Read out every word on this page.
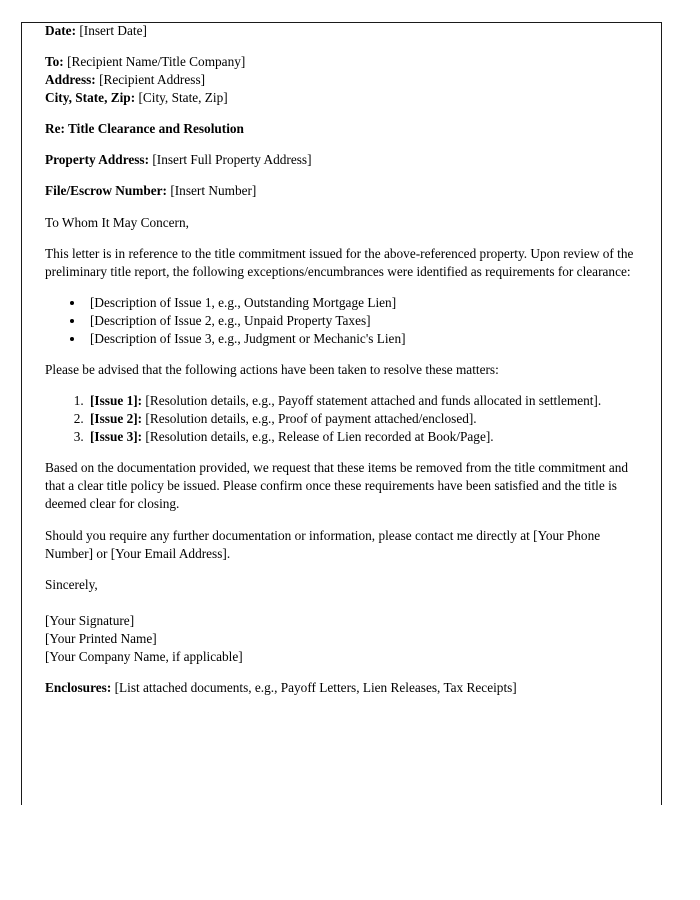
Date: [Insert Date]

To: [Recipient Name/Title Company]

Address: [Recipient Address]

City, State, Zip: [City, State, Zip]

Re: Title Clearance and Resolution

Property Address: [Insert Full Property Address]

File/Escrow Number: [Insert Number]

To Whom It May Concern,

This letter is in reference to the title commitment issued for the above-referenced property. Upon review of the preliminary title report, the following exceptions/encumbrances were identified as requirements for clearance:

• [Description of Issue 1, e.g., Outstanding Mortgage Lien]
• [Description of Issue 2, e.g., Unpaid Property Taxes]
• [Description of Issue 3, e.g., Judgment or Mechanic's Lien]

Please be advised that the following actions have been taken to resolve these matters:

1. [Issue 1]: [Resolution details, e.g., Payoff statement attached and funds allocated in settlement].
2. [Issue 2]: [Resolution details, e.g., Proof of payment attached/enclosed].
3. [Issue 3]: [Resolution details, e.g., Release of Lien recorded at Book/Page].

Based on the documentation provided, we request that these items be removed from the title commitment and that a clear title policy be issued. Please confirm once these requirements have been satisfied and the title is deemed clear for closing.

Should you require any further documentation or information, please contact me directly at [Your Phone Number] or [Your Email Address].

Sincerely,

[Your Signature]

[Your Printed Name]

[Your Company Name, if applicable]

Enclosures: [List attached documents, e.g., Payoff Letters, Lien Releases, Tax Receipts]
